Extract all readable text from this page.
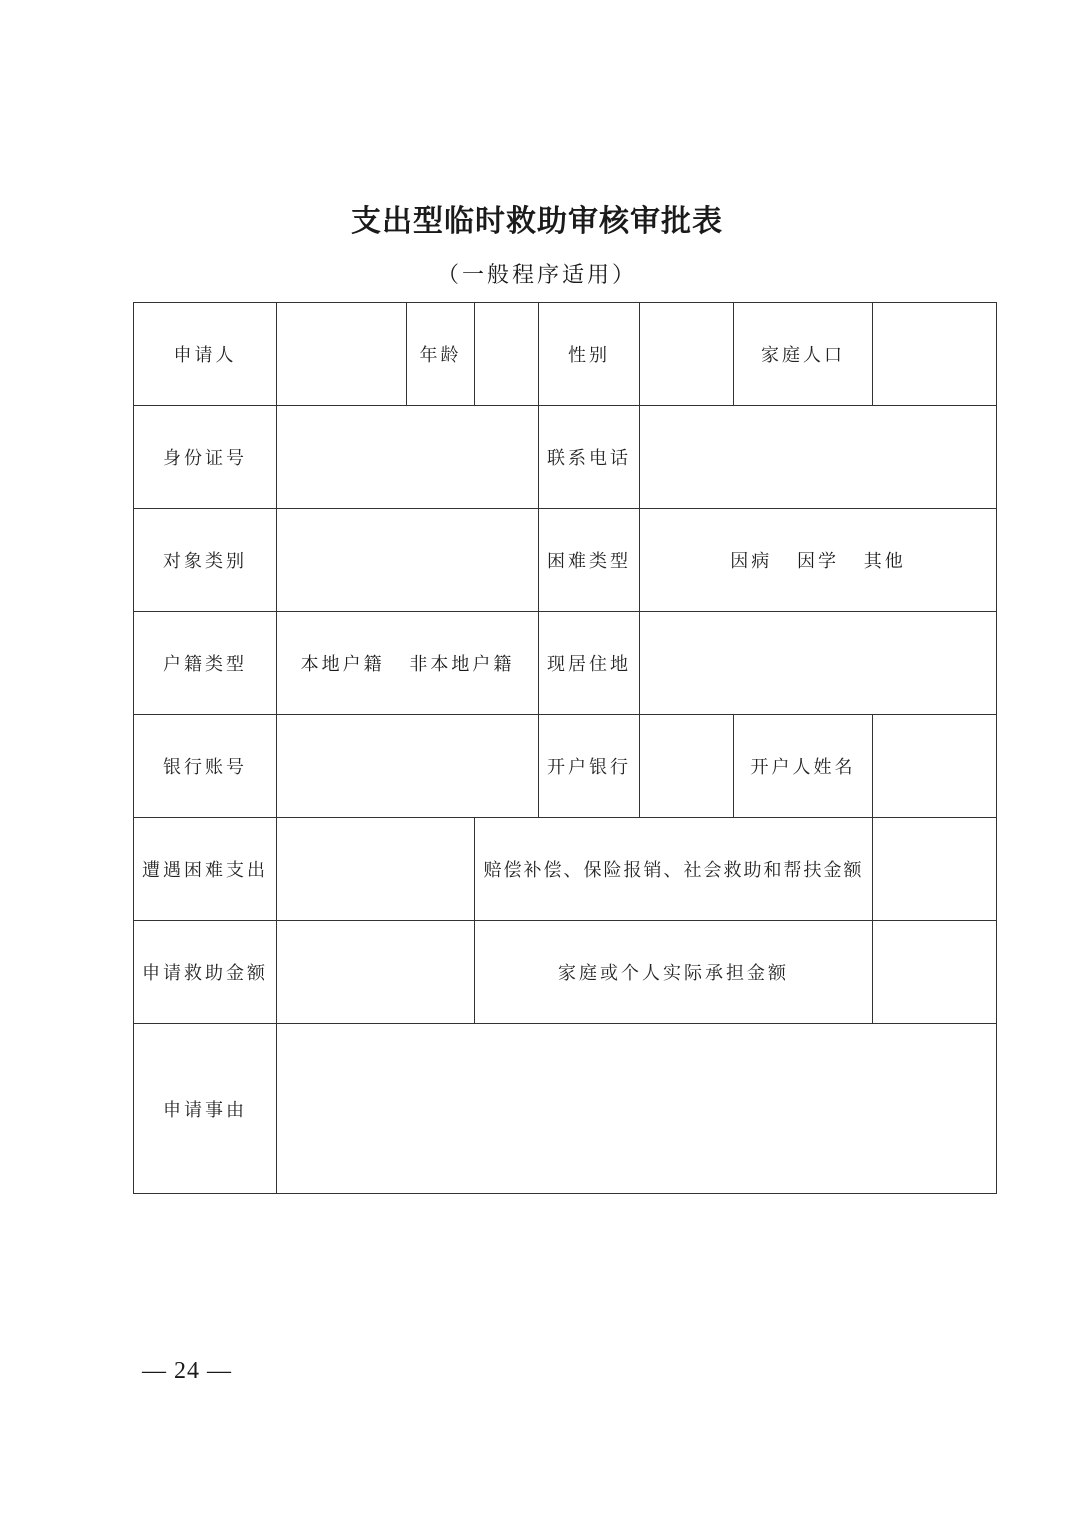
支出型临时救助审核审批表
（一般程序适用）
申请人		年龄		性别		家庭人口	
身份证号				联系电话			
对象类别				困难类型	因病 因学 其他		
户籍类型	本地户籍 非本地户籍			现居住地			
银行账号				开户银行		开户人姓名	
遭遇困难支出			赔偿补偿、保险报销、社会救助和帮扶金额				
申请救助金额			家庭或个人实际承担金额				
申请事由							
— 24 —
